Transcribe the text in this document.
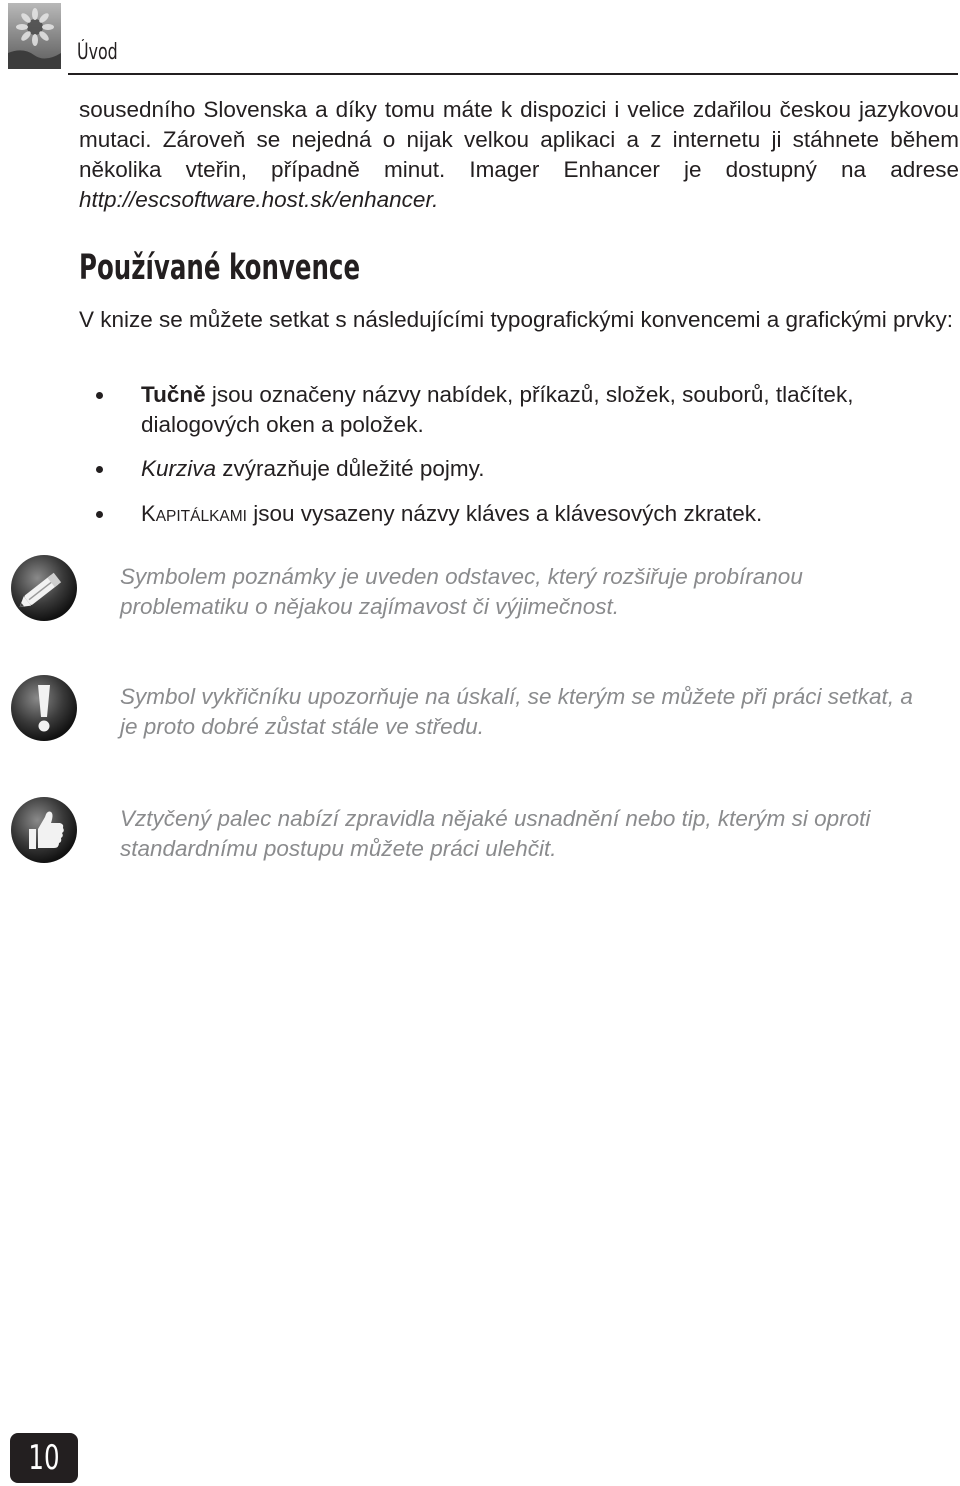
Úvod
sousedního Slovenska a díky tomu máte k dispozici i velice zdařilou českou jazykovou mutaci. Zároveň se nejedná o nijak velkou aplikaci a z internetu ji stáhnete během několika vteřin, případně minut. Imager Enhancer je dostupný na adrese http://escsoftware.host.sk/enhancer.
Používané konvence
V knize se můžete setkat s následujícími typografickými konvencemi a grafickými prvky:
Tučně jsou označeny názvy nabídek, příkazů, složek, souborů, tlačítek, dialogových oken a položek.
Kurziva zvýrazňuje důležité pojmy.
KAPITÁLKAMI jsou vysazeny názvy kláves a klávesových zkratek.
Symbolem poznámky je uveden odstavec, který rozšiřuje probíranou problematiku o nějakou zajímavost či výjimečnost.
Symbol vykřičníku upozorňuje na úskalí, se kterým se můžete při práci setkat, a je proto dobré zůstat stále ve středu.
Vztyčený palec nabízí zpravidla nějaké usnadnění nebo tip, kterým si oproti standardnímu postupu můžete práci ulehčit.
10
